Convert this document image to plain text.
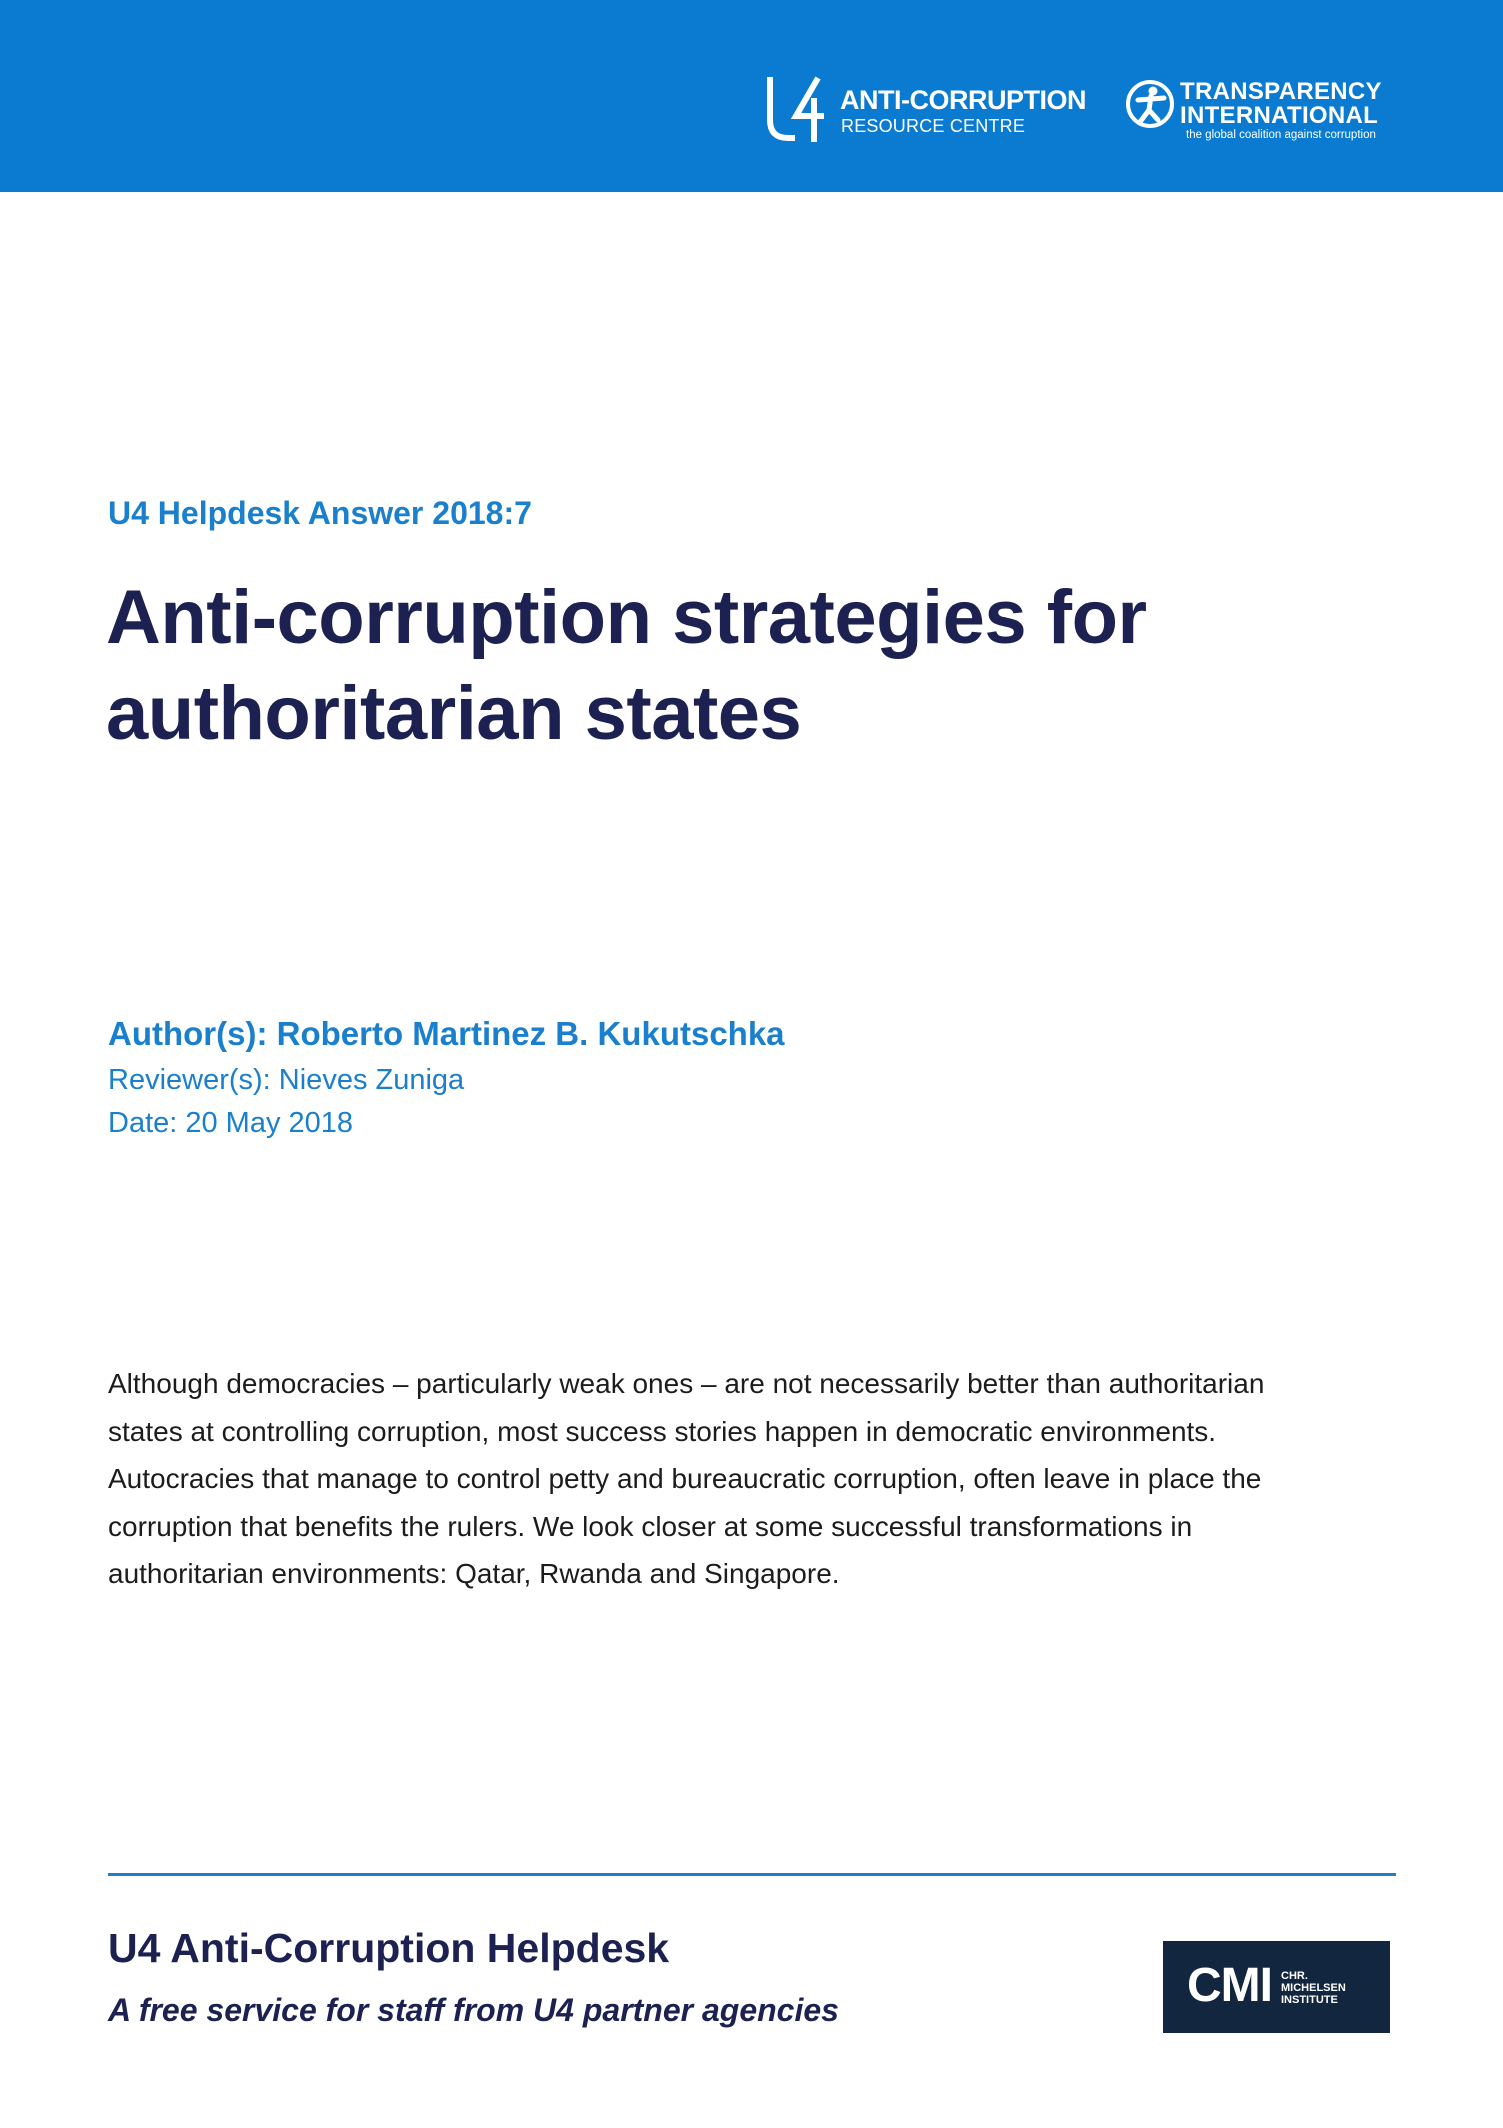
ANTI-CORRUPTION
RESOURCE CENTRE
TRANSPARENCY
INTERNATIONAL
the global coalition against corruption
U4 Helpdesk Answer 2018:7
Anti-corruption strategies for
authoritarian states
Author(s): Roberto Martinez B. Kukutschka
Reviewer(s): Nieves Zuniga
Date: 20 May 2018

Although democracies – particularly weak ones – are not necessarily better than authoritarian
states at controlling corruption, most success stories happen in democratic environments.
Autocracies that manage to control petty and bureaucratic corruption, often leave in place the
corruption that benefits the rulers. We look closer at some successful transformations in
authoritarian environments: Qatar, Rwanda and Singapore.

U4 Anti-Corruption Helpdesk
A free service for staff from U4 partner agencies	CMI CHR.
MICHELSEN
INSTITUTE
